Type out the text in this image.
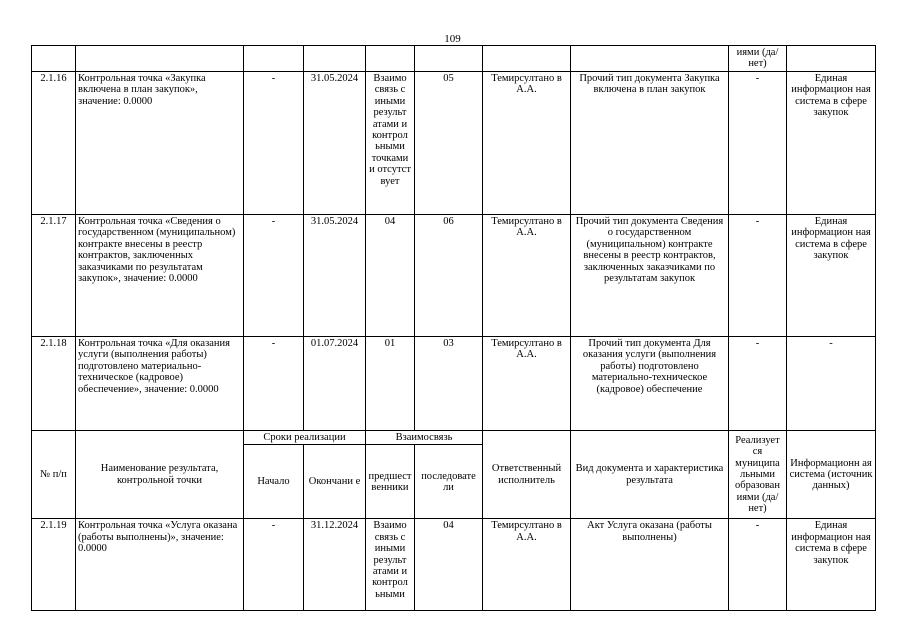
109
								иями (да/нет)	
2.1.16	Контрольная точка «Закупка включена в план закупок», значение: 0.0000	-	31.05.2024	Взаимо связь с иными результ атами и контрол ьными точками и отсутст вует	05	Темирсултано в А.А.	Прочий тип документа Закупка включена в план закупок	-	Единая информацион ная система в сфере закупок
2.1.17	Контрольная точка «Сведения о государственном (муниципальном) контракте внесены в реестр контрактов, заключенных заказчиками по результатам закупок», значение: 0.0000	-	31.05.2024	04	06	Темирсултано в А.А.	Прочий тип документа Сведения о государственном (муниципальном) контракте внесены в реестр контрактов, заключенных заказчиками по результатам закупок	-	Единая информацион ная система в сфере закупок
2.1.18	Контрольная точка «Для оказания услуги (выполнения работы) подготовлено материально-техническое (кадровое) обеспечение», значение: 0.0000	-	01.07.2024	01	03	Темирсултано в А.А.	Прочий тип документа Для оказания услуги (выполнения работы) подготовлено материально-техническое (кадровое) обеспечение	-	-
№ п/п	Наименование результата, контрольной точки	Сроки реализации		Взаимосвязь		Ответственный исполнитель	Вид документа и характеристика результата	Реализует ся муниципа льными образован иями (да/нет)	Информационн ая система (источник данных)
		Начало	Окончани е	предшест венники	последовате ли				
2.1.19	Контрольная точка «Услуга оказана (работы выполнены)», значение: 0.0000	-	31.12.2024	Взаимо связь с иными результ атами и контрол ьными	04	Темирсултано в А.А.	Акт Услуга оказана (работы выполнены)	-	Единая информацион ная система в сфере закупок
